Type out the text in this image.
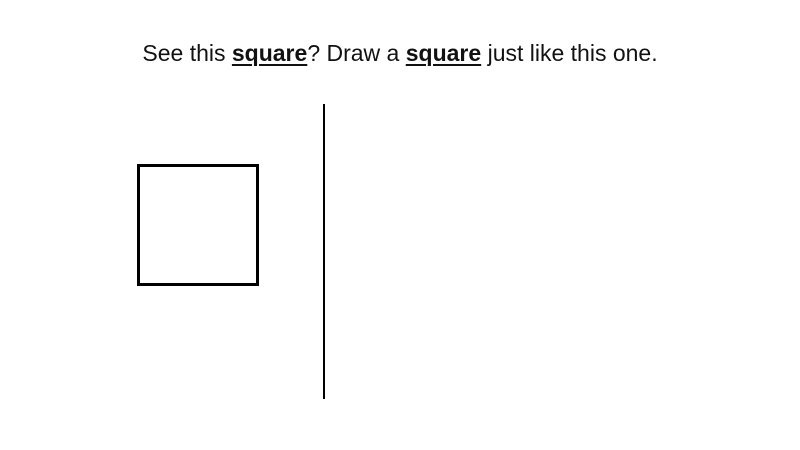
See this square? Draw a square just like this one.
